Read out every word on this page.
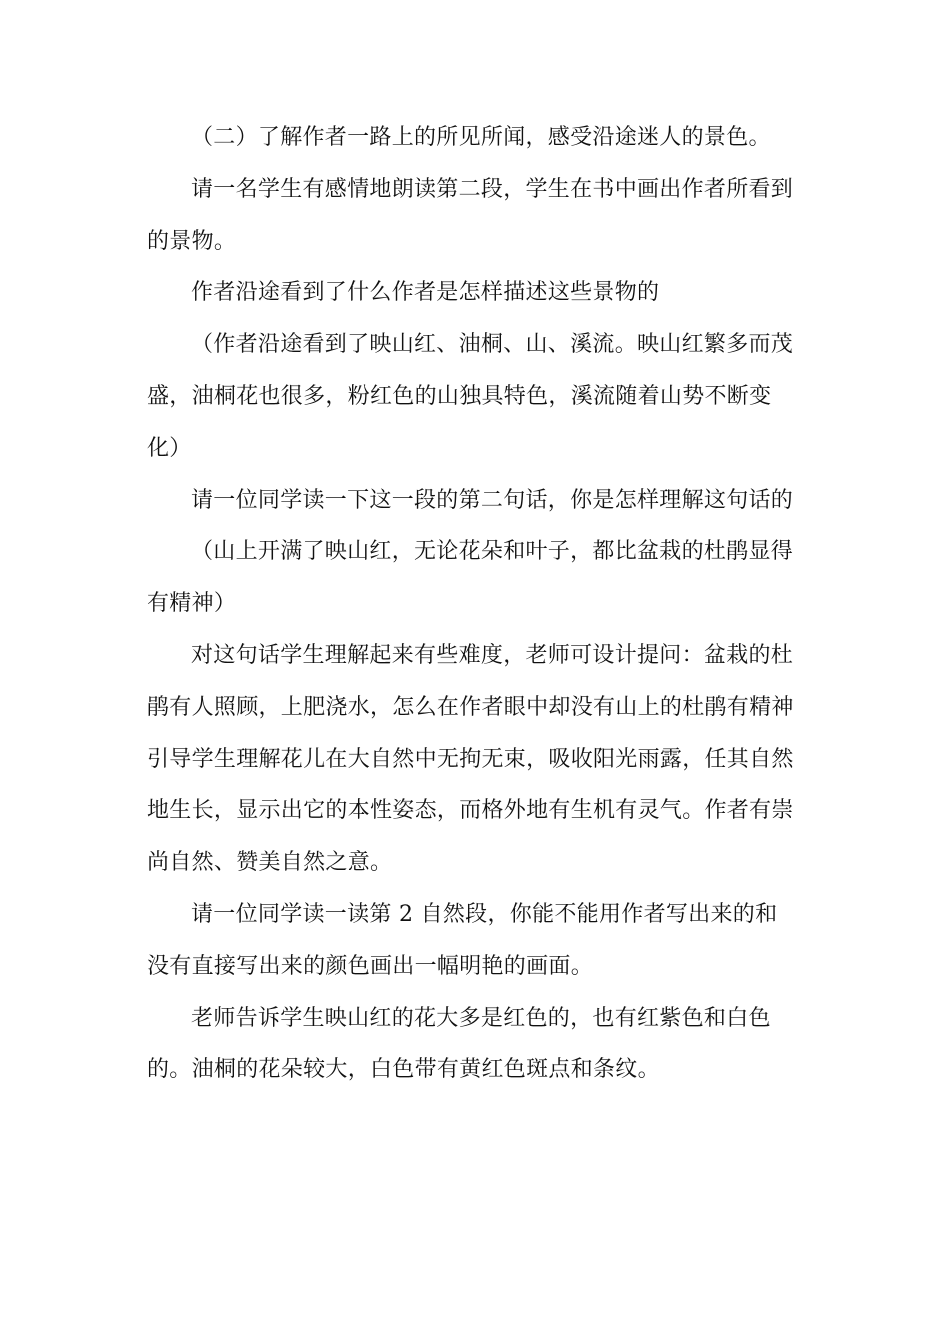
（二）了解作者一路上的所见所闻，感受沿途迷人的景色。

请一名学生有感情地朗读第二段，学生在书中画出作者所看到的景物。

作者沿途看到了什么作者是怎样描述这些景物的

（作者沿途看到了映山红、油桐、山、溪流。映山红繁多而茂盛，油桐花也很多，粉红色的山独具特色，溪流随着山势不断变化）

请一位同学读一下这一段的第二句话，你是怎样理解这句话的

（山上开满了映山红，无论花朵和叶子，都比盆栽的杜鹃显得有精神）

对这句话学生理解起来有些难度，老师可设计提问：盆栽的杜鹃有人照顾，上肥浇水，怎么在作者眼中却没有山上的杜鹃有精神引导学生理解花儿在大自然中无拘无束，吸收阳光雨露，任其自然地生长，显示出它的本性姿态，而格外地有生机有灵气。作者有崇尚自然、赞美自然之意。

请一位同学读一读第 2 自然段，你能不能用作者写出来的和没有直接写出来的颜色画出一幅明艳的画面。

老师告诉学生映山红的花大多是红色的，也有红紫色和白色的。油桐的花朵较大，白色带有黄红色斑点和条纹。
